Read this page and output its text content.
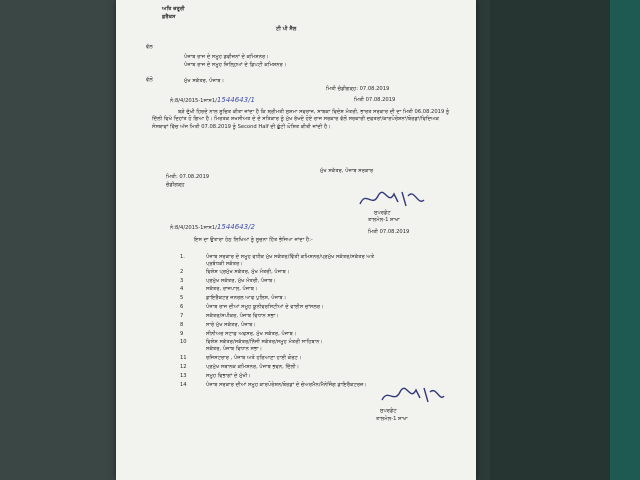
ਅਤਿ ਜ਼ਰੂਰੀ
ਫ਼ਰੈਕਸ
ਟੀ ਪੀ ਸੈਲ
ਵੱਲ
ਪੰਜਾਬ ਰਾਜ ਦੇ ਸਮੂਹ ਡਵੀਜ਼ਨਾਂ ਦੇ ਕਮਿਸ਼ਨਰ।
ਪੰਜਾਬ ਰਾਜ ਦੇ ਸਮੂਹ ਜ਼ਿਲ੍ਹਿਆਂ ਦੇ ਡਿਪਟੀ ਕਮਿਸ਼ਨਰ।
ਵੱਲੋਂ	ਮੁੱਖ ਸਕੱਤਰ, ਪੰਜਾਬ।
ਮਿਤੀ ਚੰਡੀਗੜ੍ਹ: 07.08.2019
ਨੰ:8/4/2015-1ਸਾਸ1/1544643/1	ਮਿਤੀ 07.08.2019
ਬੜੇ ਦੁੱਖੀ ਹਿਰਦੇ ਨਾਲ ਸੂਚਿਤ ਕੀਤਾ ਜਾਂਦਾ ਹੈ ਕਿ ਸ਼੍ਰੀਮਤੀ ਸੁਸ਼ਮਾ ਸਵਰਾਜ, ਸਾਬਕਾ ਵਿਦੇਸ਼ ਮੰਤਰੀ, ਭਾਰਤ ਸਰਕਾਰ ਦੀ ਦਾ ਮਿਤੀ 06.08.2019 ਨੂੰ ਦਿੱਲੀ ਵਿਖੇ ਦਿਹਾਂਤ ਹੋ ਗਿਆ ਹੈ। ਮਿਰਤਕ ਸ਼ਖਸੀਅਤ ਦੇ ਦੇ ਸਤਿਕਾਰ ਨੂੰ ਮੁੱਖ ਰੱਖਦੇ ਹੋਏ ਰਾਜ ਸਰਕਾਰ ਵੱਲੋਂ ਸਰਕਾਰੀ ਦਫਤਰਾਂ/ਕਾਰਪੋਰੇਸ਼ਨਾਂ/ਬੋਰਡਾਂ/ਵਿਦਿਅਕ ਸੰਸਥਾਵਾਂ ਵਿੱਚ ਅੱਜ ਮਿਤੀ 07.08.2019 ਨੂੰ Second Half ਦੀ ਛੁੱਟੀ ਘੋਸ਼ਿਤ ਕੀਤੀ ਜਾਂਦੀ ਹੈ।
ਮੁੱਖ ਸਕੱਤਰ, ਪੰਜਾਬ ਸਰਕਾਰ
ਮਿਤੀ: 07.08.2019
ਚੰਡੀਗੜ੍ਹ
ਸੁਪਰਡੰਟ
ਤਾਲਮੇਲ-1 ਸ਼ਾਖਾ
ਨੰ:8/4/2015-1ਸਾਸ1/1544643/2
ਮਿਤੀ 07.08.2019
ਇਸ ਦਾ ਉਤਾਰਾ ਹੇਠ ਲਿਖਿਆਂ ਨੂੰ ਸੂਚਨਾ ਹਿੱਤ ਭੇਜਿਆ ਜਾਂਦਾ ਹੈ:-
1.	ਪੰਜਾਬ ਸਰਕਾਰ ਦੇ ਸਮੂਹ ਵਧੀਕ ਮੁੱਖ ਸਕੱਤਰ/ਵਿੱਤੀ ਕਮਿਸ਼ਨਰ/ਪ੍ਰਮੁੱਖ ਸਕੱਤਰ/ਸਕੱਤਰ ਅਤੇ
ਪ੍ਰਬੰਧਕੀ ਸਕੱਤਰ।
2	ਵਿਸ਼ੇਸ਼ ਪ੍ਰਮੁੱਖ ਸਕੱਤਰ, ਮੁੱਖ ਮੰਤਰੀ, ਪੰਜਾਬ।
3	ਪ੍ਰਮੁੱਖ ਸਕੱਤਰ, ਮੁੱਖ ਮੰਤਰੀ, ਪੰਜਾਬ।
4	ਸਕੱਤਰ, ਰਾਜਪਾਲ, ਪੰਜਾਬ।
5	ਡਾਇਰੈਕਟਰ ਜਨਰਲ ਆਫ ਪੁਲਿਸ, ਪੰਜਾਬ।
6	ਪੰਜਾਬ ਰਾਜ ਦੀਆਂ ਸਮੂਹ ਯੂਨੀਵਰਸਿਟੀਆਂ ਦੇ ਵਾਈਸ ਚਾਂਸਲਰ।
7	ਸਕੱਤਰ/ਸਪੀਕਰ, ਪੰਜਾਬ ਵਿਧਾਨ ਸਭਾ।
8	ਸਾਰੇ ਮੁੱਖ ਸਕੱਤਰ, ਪੰਜਾਬ।
9	ਸੀਨੀਅਰ ਸਟਾਫ ਅਫਸਰ, ਮੁੱਖ ਸਕੱਤਰ, ਪੰਜਾਬ।
10	ਵਿਸ਼ੇਸ਼ ਸਕੱਤਰ/ਸਕੱਤਰ/ਨਿੱਜੀ ਸਕੱਤਰ/ਸਮੂਹ ਮੰਤਰੀ ਸਾਹਿਬਾਨ।
ਸਕੱਤਰ, ਪੰਜਾਬ ਵਿਧਾਨ ਸਭਾ।
11	ਰਜਿਸਟਰਾਰ , ਪੰਜਾਬ ਅਤੇ ਹਰਿਆਣਾ ਹਾਈ ਕੋਰਟ।
12	ਪ੍ਰਮੁੱਖ ਸਥਾਨਕ ਕਮਿਸ਼ਨਰ, ਪੰਜਾਬ ਭਵਨ, ਦਿੱਲੀ।
13	ਸਮੂਹ ਵਿਭਾਗਾਂ ਦੇ ਮੁੱਖੀ।
14	ਪੰਜਾਬ ਸਰਕਾਰ ਦੀਆਂ ਸਮੂਹ ਕਾਰਪੋਰੇਸ਼ਨ/ਬੋਰਡਾਂ ਦੇ ਚੇਅਰਮੈਨ/ਮੈਨੇਜਿੰਗ ਡਾਇਰੈਕਟਰਜ਼।
ਸੁਪਰਡੰਟ
ਤਾਲਮੇਲ-1 ਸ਼ਾਖਾ
